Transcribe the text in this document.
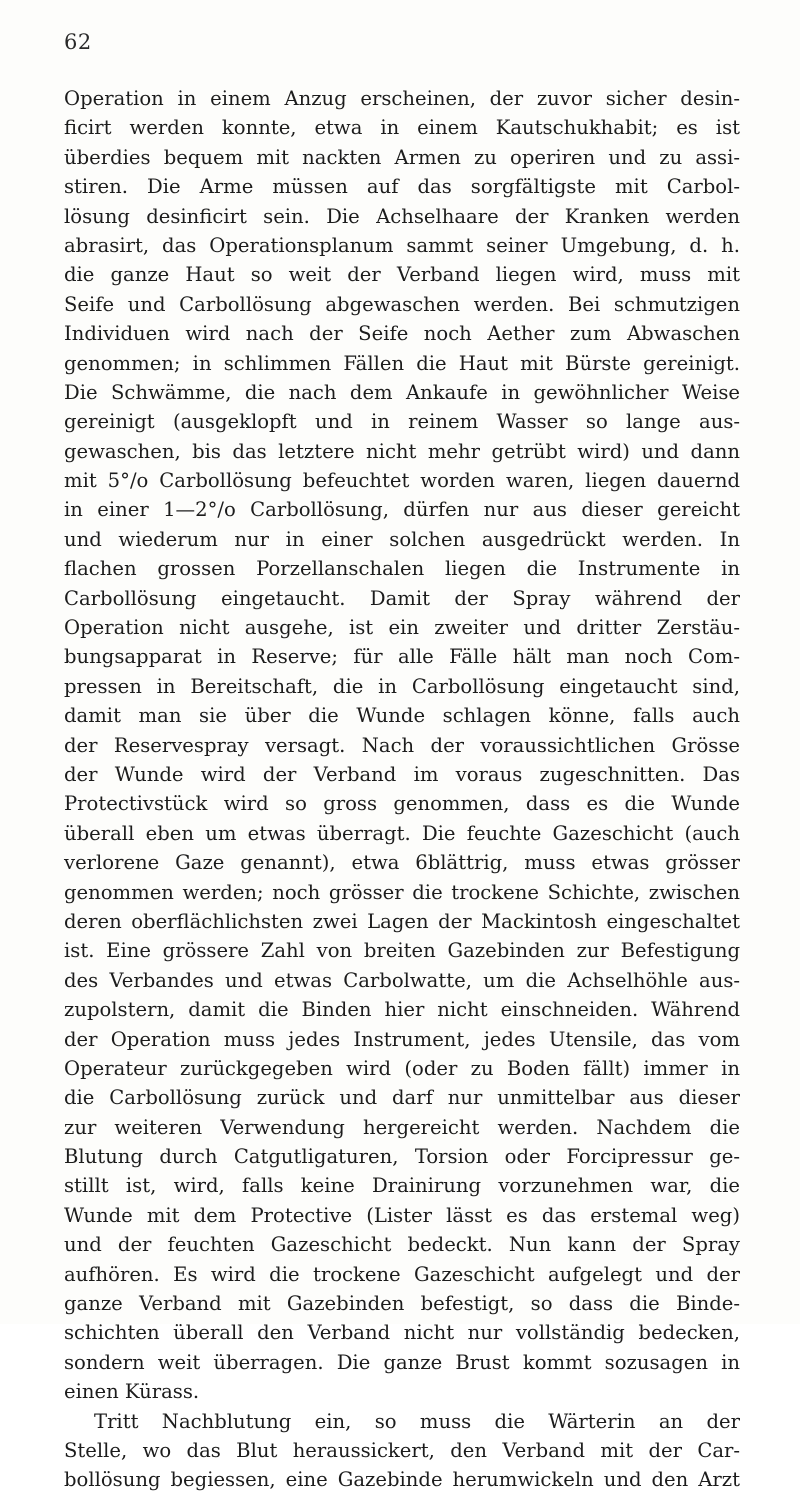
62
Operation in einem Anzug erscheinen, der zuvor sicher desin-
ficirt werden konnte, etwa in einem Kautschukhabit; es ist
überdies bequem mit nackten Armen zu operiren und zu assi-
stiren. Die Arme müssen auf das sorgfältigste mit Carbol-
lösung desinficirt sein. Die Achselhaare der Kranken werden
abrasirt, das Operationsplanum sammt seiner Umgebung, d. h.
die ganze Haut so weit der Verband liegen wird, muss mit
Seife und Carbollösung abgewaschen werden. Bei schmutzigen
Individuen wird nach der Seife noch Aether zum Abwaschen
genommen; in schlimmen Fällen die Haut mit Bürste gereinigt.
Die Schwämme, die nach dem Ankaufe in gewöhnlicher Weise
gereinigt (ausgeklopft und in reinem Wasser so lange aus-
gewaschen, bis das letztere nicht mehr getrübt wird) und dann
mit 5°/o Carbollösung befeuchtet worden waren, liegen dauernd
in einer 1—2°/o Carbollösung, dürfen nur aus dieser gereicht
und wiederum nur in einer solchen ausgedrückt werden. In
flachen grossen Porzellanschalen liegen die Instrumente in
Carbollösung eingetaucht. Damit der Spray während der
Operation nicht ausgehe, ist ein zweiter und dritter Zerstäu-
bungsapparat in Reserve; für alle Fälle hält man noch Com-
pressen in Bereitschaft, die in Carbollösung eingetaucht sind,
damit man sie über die Wunde schlagen könne, falls auch
der Reservespray versagt. Nach der voraussichtlichen Grösse
der Wunde wird der Verband im voraus zugeschnitten. Das
Protectivstück wird so gross genommen, dass es die Wunde
überall eben um etwas überragt. Die feuchte Gazeschicht (auch
verlorene Gaze genannt), etwa 6blättrig, muss etwas grösser
genommen werden; noch grösser die trockene Schichte, zwischen
deren oberflächlichsten zwei Lagen der Mackintosh eingeschaltet
ist. Eine grössere Zahl von breiten Gazebinden zur Befestigung
des Verbandes und etwas Carbolwatte, um die Achselhöhle aus-
zupolstern, damit die Binden hier nicht einschneiden. Während
der Operation muss jedes Instrument, jedes Utensile, das vom
Operateur zurückgegeben wird (oder zu Boden fällt) immer in
die Carbollösung zurück und darf nur unmittelbar aus dieser
zur weiteren Verwendung hergereicht werden. Nachdem die
Blutung durch Catgutligaturen, Torsion oder Forcipressur ge-
stillt ist, wird, falls keine Drainirung vorzunehmen war, die
Wunde mit dem Protective (Lister lässt es das erstemal weg)
und der feuchten Gazeschicht bedeckt. Nun kann der Spray
aufhören. Es wird die trockene Gazeschicht aufgelegt und der
ganze Verband mit Gazebinden befestigt, so dass die Binde-
schichten überall den Verband nicht nur vollständig bedecken,
sondern weit überragen. Die ganze Brust kommt sozusagen in
einen Kürass.
Tritt Nachblutung ein, so muss die Wärterin an der
Stelle, wo das Blut heraussickert, den Verband mit der Car-
bollösung begiessen, eine Gazebinde herumwickeln und den Arzt
